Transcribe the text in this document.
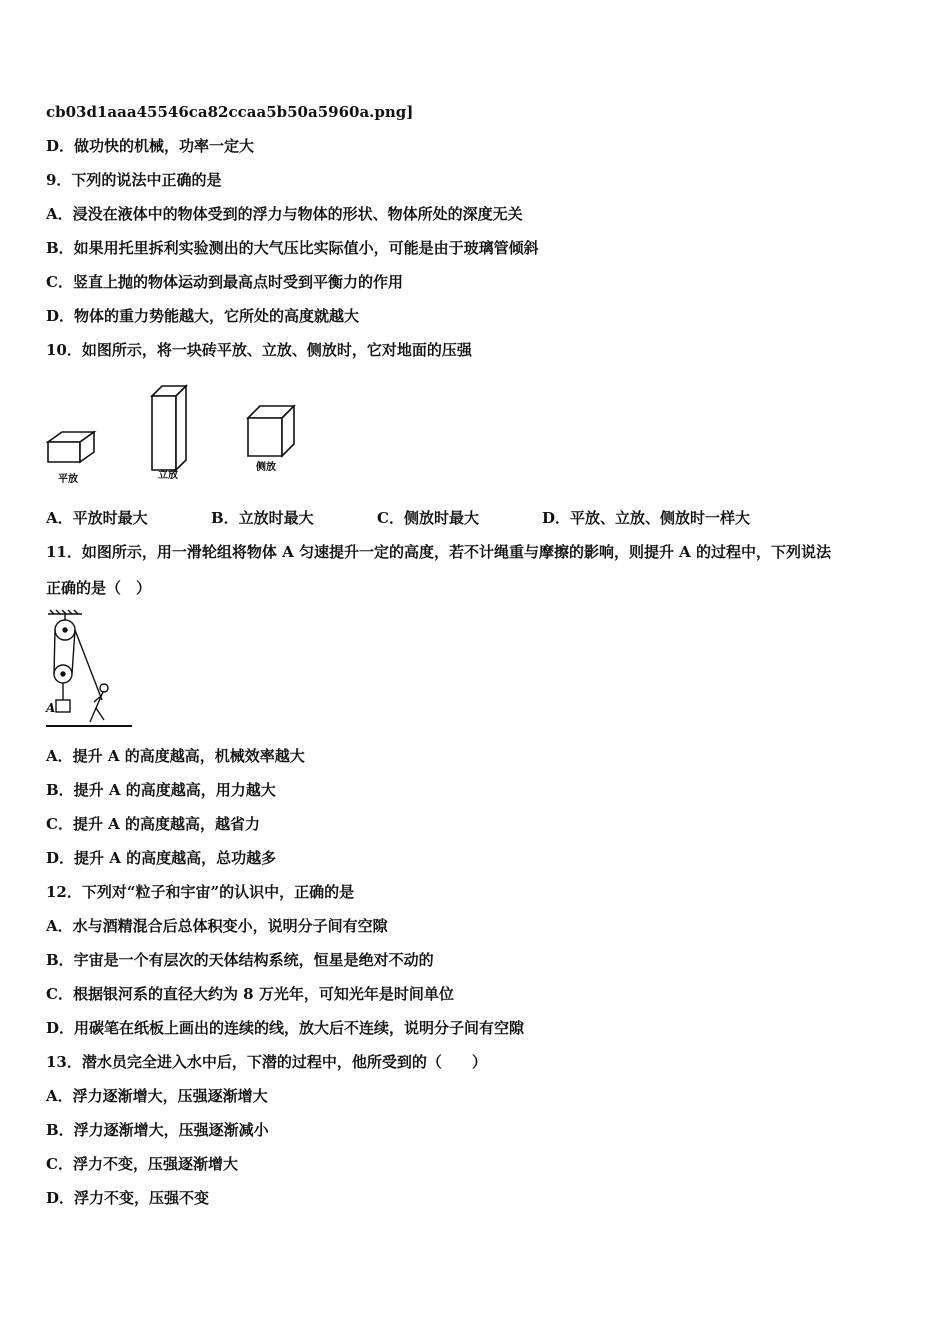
cb03d1aaa45546ca82ccaa5b50a5960a.png]
D．做功快的机械，功率一定大
9．下列的说法中正确的是
A．浸没在液体中的物体受到的浮力与物体的形状、物体所处的深度无关
B．如果用托里拆利实验测出的大气压比实际值小，可能是由于玻璃管倾斜
C．竖直上抛的物体运动到最高点时受到平衡力的作用
D．物体的重力势能越大，它所处的高度就越大
10．如图所示，将一块砖平放、立放、侧放时，它对地面的压强
平放	立放
侧放
A．平放时最大	B．立放时最大	C．侧放时最大	D．平放、立放、侧放时一样大
11．如图所示，用一滑轮组将物体 A 匀速提升一定的高度，若不计绳重与摩擦的影响，则提升 A 的过程中，下列说法
正确的是（　）
A
A．提升 A 的高度越高，机械效率越大
B．提升 A 的高度越高，用力越大
C．提升 A 的高度越高，越省力
D．提升 A 的高度越高，总功越多
12．下列对“粒子和宇宙”的认识中，正确的是
A．水与酒精混合后总体积变小，说明分子间有空隙
B．宇宙是一个有层次的天体结构系统，恒星是绝对不动的
C．根据银河系的直径大约为 8 万光年，可知光年是时间单位
D．用碳笔在纸板上画出的连续的线，放大后不连续，说明分子间有空隙
13．潜水员完全进入水中后，下潜的过程中，他所受到的（　　）
A．浮力逐渐增大，压强逐渐增大
B．浮力逐渐增大，压强逐渐减小
C．浮力不变，压强逐渐增大
D．浮力不变，压强不变
